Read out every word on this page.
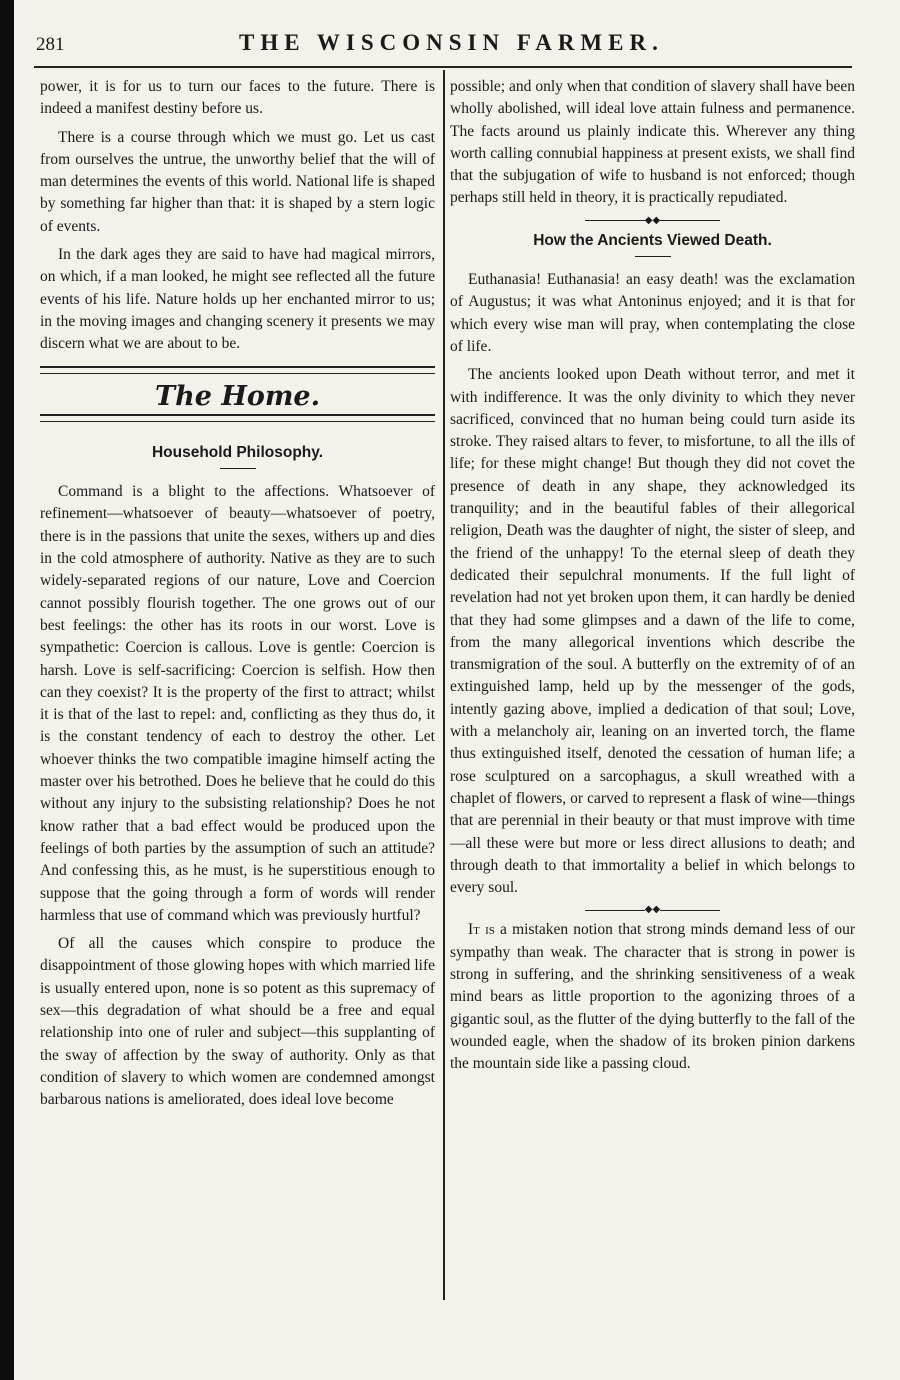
281	THE WISCONSIN FARMER.

power, it is for us to turn our faces to the future. There is indeed a manifest destiny before us.

There is a course through which we must go. Let us cast from ourselves the untrue, the unworthy belief that the will of man determines the events of this world. National life is shaped by something far higher than that: it is shaped by a stern logic of events.

In the dark ages they are said to have had magical mirrors, on which, if a man looked, he might see reflected all the future events of his life. Nature holds up her enchanted mirror to us; in the moving images and changing scenery it presents we may discern what we are about to be.

The Home.
Household Philosophy.

Command is a blight to the affections. Whatsoever of refinement—whatsoever of beauty—whatsoever of poetry, there is in the passions that unite the sexes, withers up and dies in the cold atmosphere of authority. Native as they are to such widely-separated regions of our nature, Love and Coercion cannot possibly flourish together. The one grows out of our best feelings: the other has its roots in our worst. Love is sympathetic: Coercion is callous. Love is gentle: Coercion is harsh. Love is self-sacrificing: Coercion is selfish. How then can they coexist? It is the property of the first to attract; whilst it is that of the last to repel: and, conflicting as they thus do, it is the constant tendency of each to destroy the other. Let whoever thinks the two compatible imagine himself acting the master over his betrothed. Does he believe that he could do this without any injury to the subsisting relationship? Does he not know rather that a bad effect would be produced upon the feelings of both parties by the assumption of such an attitude? And confessing this, as he must, is he superstitious enough to suppose that the going through a form of words will render harmless that use of command which was previously hurtful?

Of all the causes which conspire to produce the disappointment of those glowing hopes with which married life is usually entered upon, none is so potent as this supremacy of sex—this degradation of what should be a free and equal relationship into one of ruler and subject—this supplanting of the sway of affection by the sway of authority. Only as that condition of slavery to which women are condemned amongst barbarous nations is ameliorated, does ideal love become

possible; and only when that condition of slavery shall have been wholly abolished, will ideal love attain fulness and permanence. The facts around us plainly indicate this. Wherever any thing worth calling connubial happiness at present exists, we shall find that the subjugation of wife to husband is not enforced; though perhaps still held in theory, it is practically repudiated.

◆◆
How the Ancients Viewed Death.

Euthanasia! Euthanasia! an easy death! was the exclamation of Augustus; it was what Antoninus enjoyed; and it is that for which every wise man will pray, when contemplating the close of life.

The ancients looked upon Death without terror, and met it with indifference. It was the only divinity to which they never sacrificed, convinced that no human being could turn aside its stroke. They raised altars to fever, to misfortune, to all the ills of life; for these might change! But though they did not covet the presence of death in any shape, they acknowledged its tranquility; and in the beautiful fables of their allegorical religion, Death was the daughter of night, the sister of sleep, and the friend of the unhappy! To the eternal sleep of death they dedicated their sepulchral monuments. If the full light of revelation had not yet broken upon them, it can hardly be denied that they had some glimpses and a dawn of the life to come, from the many allegorical inventions which describe the transmigration of the soul. A butterfly on the extremity of of an extinguished lamp, held up by the messenger of the gods, intently gazing above, implied a dedication of that soul; Love, with a melancholy air, leaning on an inverted torch, the flame thus extinguished itself, denoted the cessation of human life; a rose sculptured on a sarcophagus, a skull wreathed with a chaplet of flowers, or carved to represent a flask of wine—things that are perennial in their beauty or that must improve with time—all these were but more or less direct allusions to death; and through death to that immortality a belief in which belongs to every soul.

◆◆

It is a mistaken notion that strong minds demand less of our sympathy than weak. The character that is strong in power is strong in suffering, and the shrinking sensitiveness of a weak mind bears as little proportion to the agonizing throes of a gigantic soul, as the flutter of the dying butterfly to the fall of the wounded eagle, when the shadow of its broken pinion darkens the mountain side like a passing cloud.
